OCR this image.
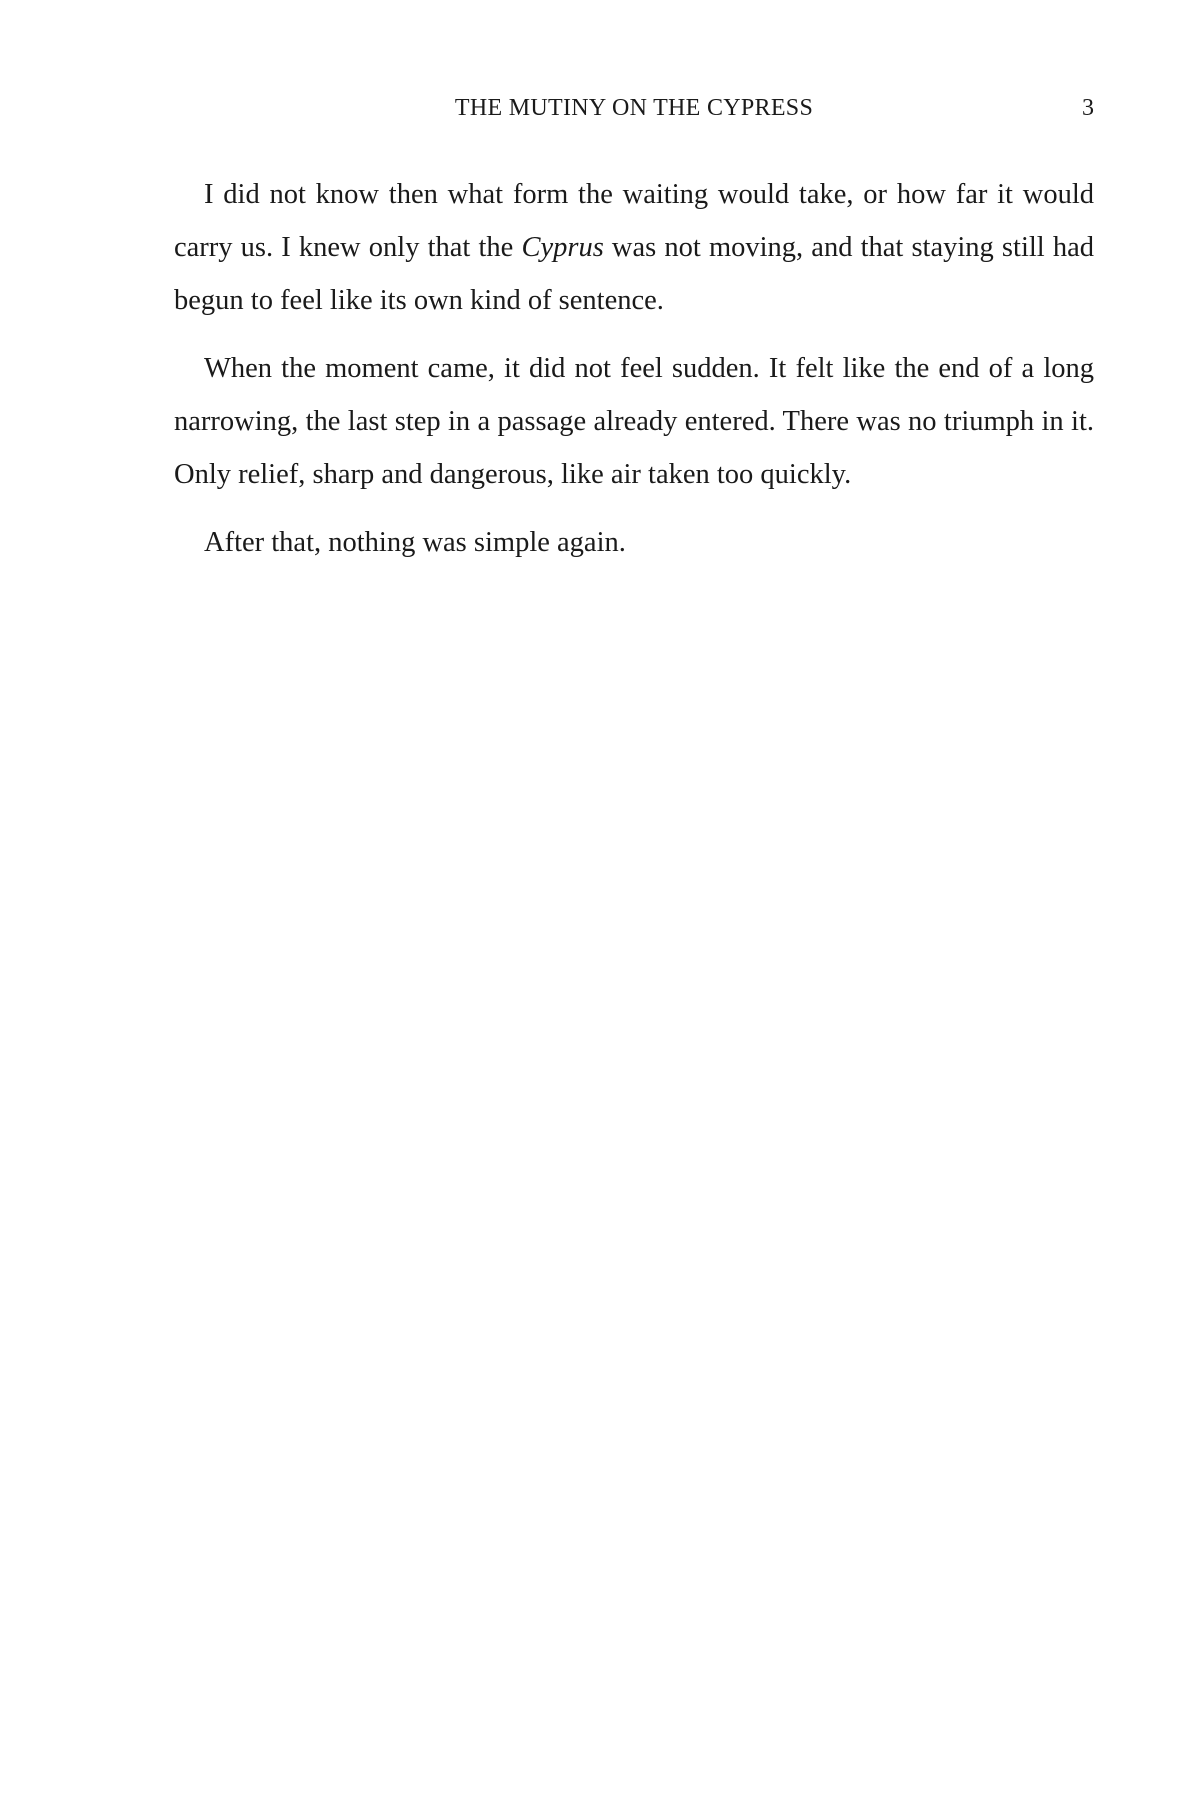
THE MUTINY ON THE CYPRESS	3

I did not know then what form the waiting would take, or how far it would carry us. I knew only that the Cyprus was not moving, and that staying still had begun to feel like its own kind of sentence.

When the moment came, it did not feel sudden. It felt like the end of a long narrowing, the last step in a passage already entered. There was no triumph in it. Only relief, sharp and dangerous, like air taken too quickly.

After that, nothing was simple again.
